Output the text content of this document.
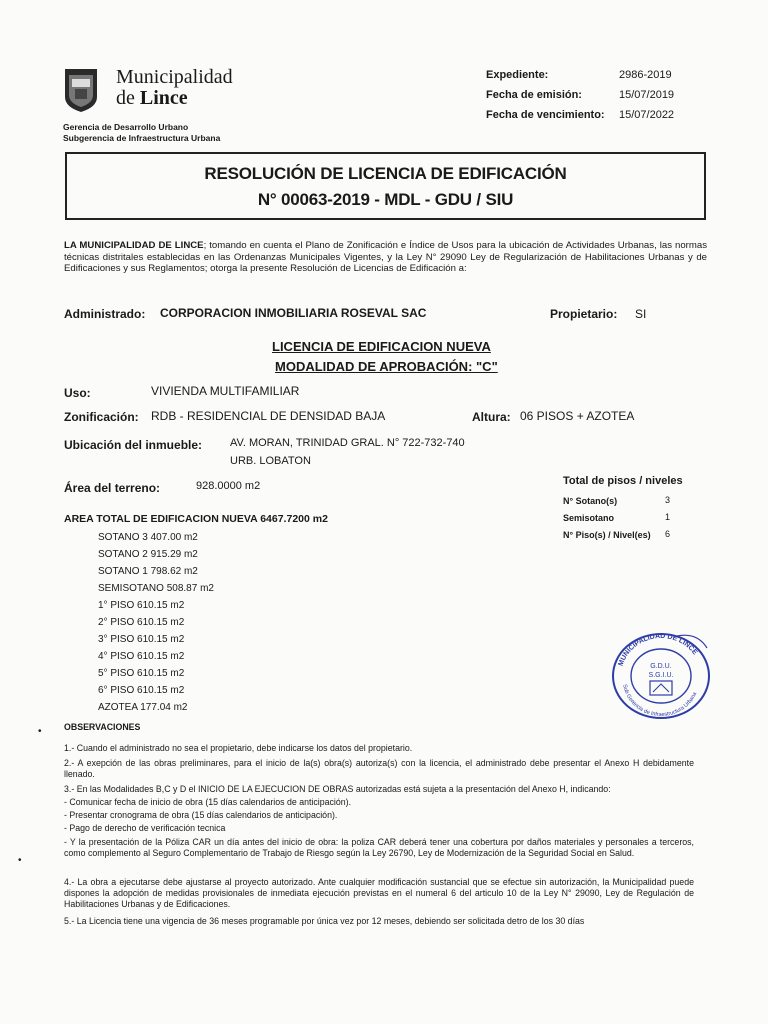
Municipalidad
de Lince
Gerencia de Desarrollo Urbano
Subgerencia de Infraestructura Urbana
Expediente:	2986-2019
Fecha de emisión:	15/07/2019
Fecha de vencimiento: 15/07/2022
RESOLUCIÓN DE LICENCIA DE EDIFICACIÓN
N° 00063-2019 - MDL - GDU / SIU
LA MUNICIPALIDAD DE LINCE; tomando en cuenta el Plano de Zonificación e Índice de Usos para la ubicación de Actividades Urbanas, las normas técnicas distritales establecidas en las Ordenanzas Municipales Vigentes, y la Ley N° 29090 Ley de Regularización de Habilitaciones Urbanas y de Edificaciones y sus Reglamentos; otorga la presente Resolución de Licencias de Edificación a:
Administrado: CORPORACION INMOBILIARIA ROSEVAL SAC	Propietario: SI
LICENCIA DE EDIFICACION NUEVA
MODALIDAD DE APROBACIÓN: "C"
Uso:	VIVIENDA MULTIFAMILIAR
Zonificación: RDB - RESIDENCIAL DE DENSIDAD BAJA	Altura: 06 PISOS + AZOTEA
Ubicación del inmueble:	AV. MORAN, TRINIDAD GRAL. N° 722-732-740
URB. LOBATON
Área del terreno:	928.0000 m2	Total de pisos / niveles
N° Sotano(s)	3
Semisotano	1
N° Piso(s) / Nivel(es) 6
AREA TOTAL DE EDIFICACION NUEVA 6467.7200 m2
SOTANO 3 407.00 m2
SOTANO 2 915.29 m2
SOTANO 1 798.62 m2
SEMISOTANO 508.87 m2
1° PISO 610.15 m2
2° PISO 610.15 m2
3° PISO 610.15 m2
4° PISO 610.15 m2
5° PISO 610.15 m2
6° PISO 610.15 m2
AZOTEA 177.04 m2
MUNICIPALIDAD DE LINCE
Sub Gerencia de Infraestructura Urbana
G.D.U.
S.G.I.U.
OBSERVACIONES
•
•
1.- Cuando el administrado no sea el propietario, debe indicarse los datos del propietario.
2.- A exepción de las obras preliminares, para el inicio de la(s) obra(s) autoriza(s) con la licencia, el administrado debe presentar el Anexo H debidamente llenado.
3.- En las Modalidades B,C y D el INICIO DE LA EJECUCION DE OBRAS autorizadas está sujeta a la presentación del Anexo H, indicando:
- Comunicar fecha de inicio de obra (15 días calendarios de anticipación).
- Presentar cronograma de obra (15 días calendarios de anticipación).
- Pago de derecho de verificación tecnica
- Y la presentación de la Póliza CAR un día antes del inicio de obra: la poliza CAR deberá tener una cobertura por daños materiales y personales a terceros, como complemento al Seguro Complementario de Trabajo de Riesgo según la Ley 26790, Ley de Modernización de la Seguridad Social en Salud.
4.- La obra a ejecutarse debe ajustarse al proyecto autorizado. Ante cualquier modificación sustancial que se efectue sin autorización, la Municipalidad puede dispones la adopción de medidas provisionales de inmediata ejecución previstas en el numeral 6 del articulo 10 de la Ley N° 29090, Ley de Regulación de Habilitaciones Urbanas y de Edificaciones.
5.- La Licencia tiene una vigencia de 36 meses programable por única vez por 12 meses, debiendo ser solicitada detro de los 30 días
